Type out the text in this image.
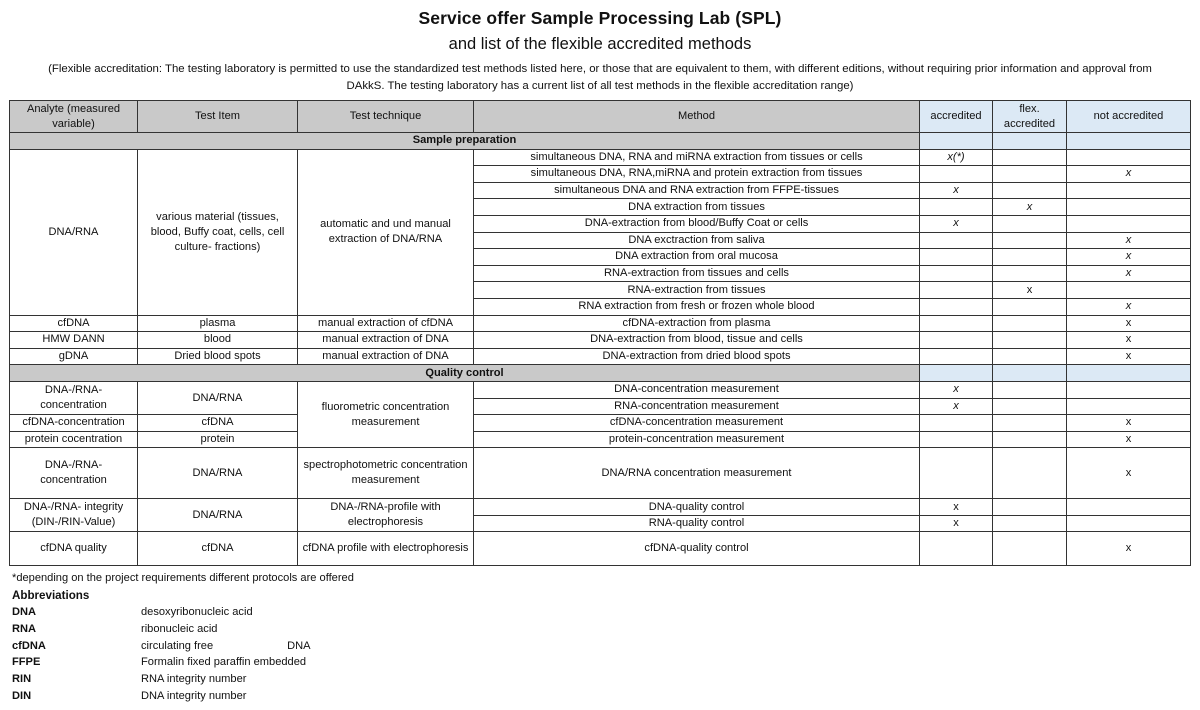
Service offer Sample Processing Lab (SPL)
and list of the flexible accredited methods
(Flexible accreditation: The testing laboratory is permitted to use the standardized test methods listed here, or those that are equivalent to them, with different editions, without requiring prior information and approval from
DAkkS. The testing laboratory has a current list of all test methods in the flexible accreditation range)
Analyte (measured variable)	Test Item	Test technique	Method	accredited	flex. accredited	not accredited
Sample preparation						
DNA/RNA	various material (tissues, blood, Buffy coat, cells, cell culture- fractions)	automatic and und manual extraction of DNA/RNA	simultaneous DNA, RNA and miRNA extraction from tissues or cells	x(*)		
			simultaneous DNA, RNA,miRNA and protein extraction from tissues			x
			simultaneous DNA and RNA extraction from FFPE-tissues	x		
			DNA extraction from tissues		x	
			DNA-extraction from blood/Buffy Coat or cells	x		
			DNA exctraction from saliva			x
			DNA extraction from oral mucosa			x
			RNA-extraction from tissues and cells			x
			RNA-extraction from tissues		x	
			RNA extraction from fresh or frozen whole blood			x
cfDNA	plasma	manual extraction of cfDNA	cfDNA-extraction from plasma			x
HMW DANN	blood	manual extraction of DNA	DNA-extraction from blood, tissue and cells			x
gDNA	Dried blood spots	manual extraction of DNA	DNA-extraction from dried blood spots			x
Quality control						
DNA-/RNA-concentration	DNA/RNA	fluorometric concentration measurement	DNA-concentration measurement	x		
			RNA-concentration measurement	x		
cfDNA-concentration	cfDNA		cfDNA-concentration measurement			x
protein cocentration	protein		protein-concentration measurement			x
DNA-/RNA-concentration	DNA/RNA	spectrophotometric concentration measurement	DNA/RNA concentration measurement			x
DNA-/RNA- integrity (DIN-/RIN-Value)	DNA/RNA	DNA-/RNA-profile with electrophoresis	DNA-quality control	x		
			RNA-quality control	x		
cfDNA quality	cfDNA	cfDNA profile with electrophoresis	cfDNA-quality control			x
*depending on the project requirements different protocols are offered
Abbreviations
DNA	desoxyribonucleic acid
RNA	ribonucleic acid
cfDNA	circulating free                        DNA
FFPE	Formalin fixed paraffin embedded
RIN	RNA integrity number
DIN	DNA integrity number
